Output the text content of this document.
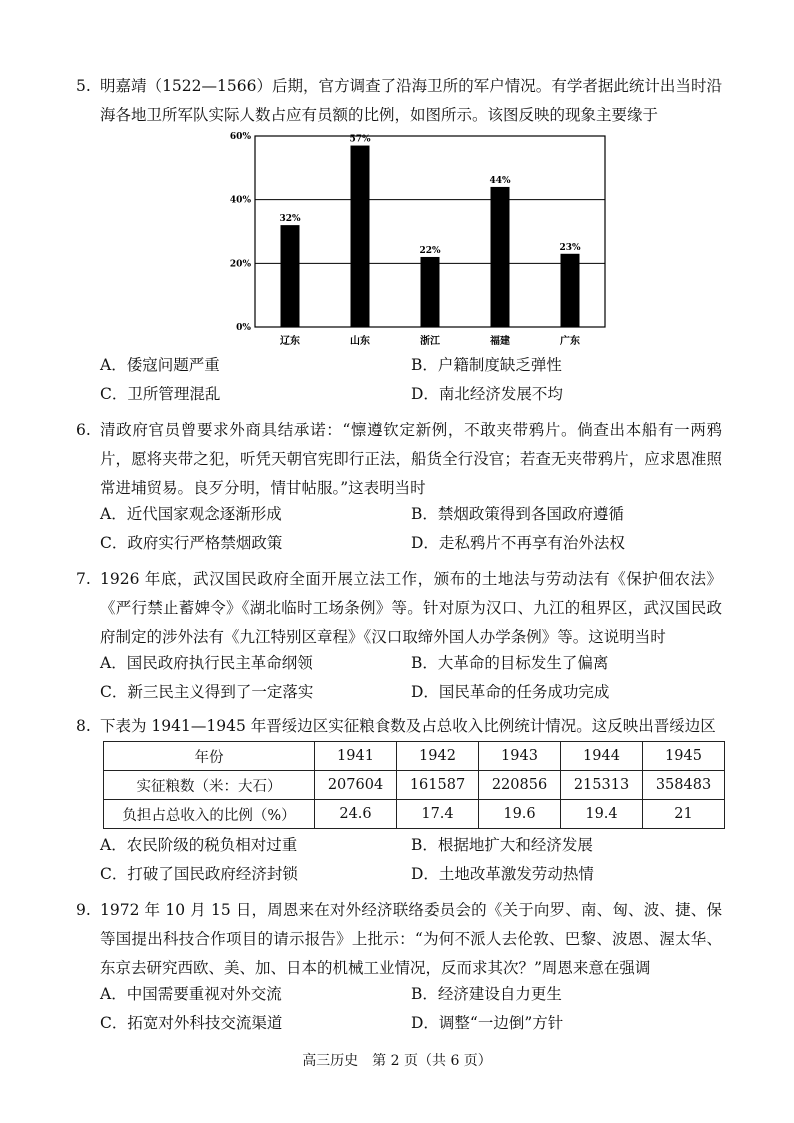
5. 明嘉靖（1522—1566）后期，官方调查了沿海卫所的军户情况。有学者据此统计出当时沿海各地卫所军队实际人数占应有员额的比例，如图所示。该图反映的现象主要缘于
0%
20%
40%
60%
32%
57%
22%
44%
23%
辽东	山东	浙江	福建	广东
A．倭寇问题严重	B．户籍制度缺乏弹性
C．卫所管理混乱	D．南北经济发展不均
6. 清政府官员曾要求外商具结承诺：“懔遵钦定新例，不敢夹带鸦片。倘查出本船有一两鸦片，愿将夹带之犯，听凭天朝官宪即行正法，船货全行没官；若查无夹带鸦片，应求恩准照常进埔贸易。良歹分明，情甘帖服。”这表明当时
A．近代国家观念逐渐形成	B．禁烟政策得到各国政府遵循
C．政府实行严格禁烟政策	D．走私鸦片不再享有治外法权
7. 1926 年底，武汉国民政府全面开展立法工作，颁布的土地法与劳动法有《保护佃农法》《严行禁止蓄婢令》《湖北临时工场条例》等。针对原为汉口、九江的租界区，武汉国民政府制定的涉外法有《九江特别区章程》《汉口取缔外国人办学条例》等。这说明当时
A．国民政府执行民主革命纲领	B．大革命的目标发生了偏离
C．新三民主义得到了一定落实	D．国民革命的任务成功完成
8. 下表为 1941—1945 年晋绥边区实征粮食数及占总收入比例统计情况。这反映出晋绥边区
年份	1941	1942	1943	1944	1945
实征粮数（米：大石）	207604	161587	220856	215313	358483
负担占总收入的比例（%）	24.6	17.4	19.6	19.4	21
A．农民阶级的税负相对过重	B．根据地扩大和经济发展
C．打破了国民政府经济封锁	D．土地改革激发劳动热情
9. 1972 年 10 月 15 日，周恩来在对外经济联络委员会的《关于向罗、南、匈、波、捷、保等国提出科技合作项目的请示报告》上批示：“为何不派人去伦敦、巴黎、波恩、渥太华、东京去研究西欧、美、加、日本的机械工业情况，反而求其次？”周恩来意在强调
A．中国需要重视对外交流	B．经济建设自力更生
C．拓宽对外科技交流渠道	D．调整“一边倒”方针
高三历史　第 2 页（共 6 页）
